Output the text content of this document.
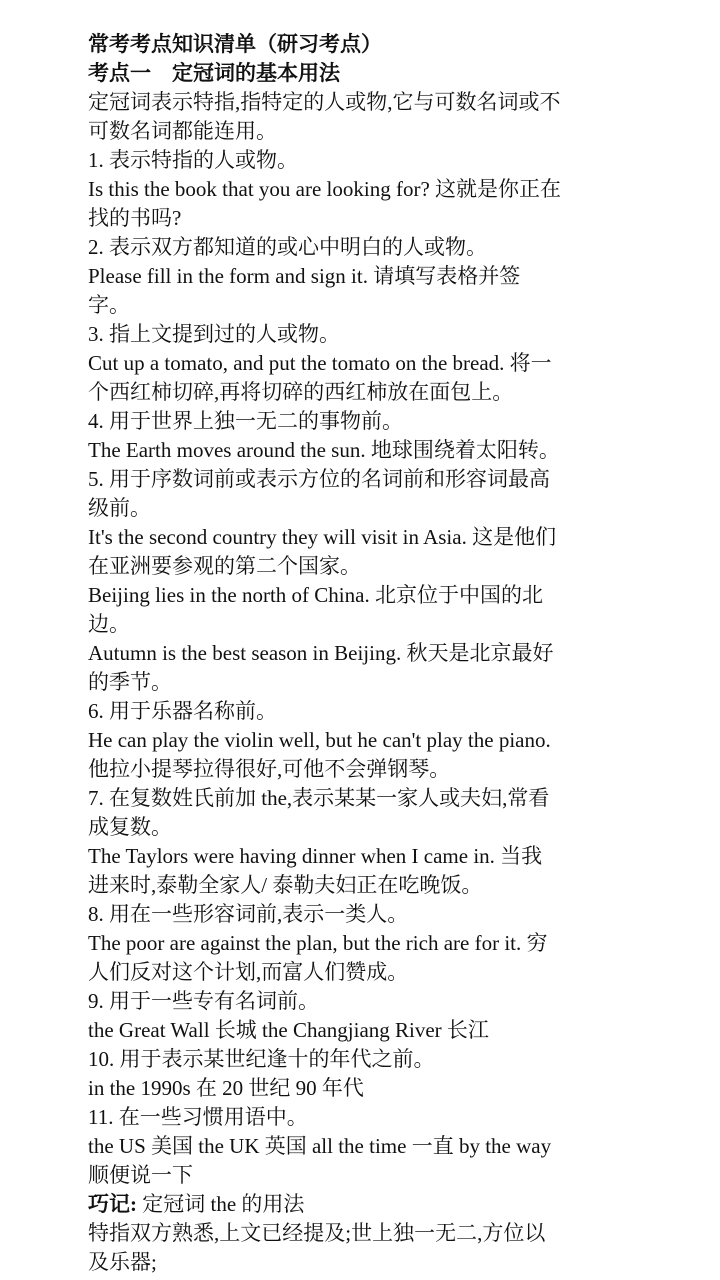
常考考点知识清单（研习考点）
考点一　定冠词的基本用法
定冠词表示特指,指特定的人或物,它与可数名词或不
可数名词都能连用。
1. 表示特指的人或物。
Is this the book that you are looking for? 这就是你正在
找的书吗?
2. 表示双方都知道的或心中明白的人或物。
Please fill in the form and sign it. 请填写表格并签
字。
3. 指上文提到过的人或物。
Cut up a tomato, and put the tomato on the bread. 将一
个西红柿切碎,再将切碎的西红柿放在面包上。
4. 用于世界上独一无二的事物前。
The Earth moves around the sun. 地球围绕着太阳转。
5. 用于序数词前或表示方位的名词前和形容词最高
级前。
It's the second country they will visit in Asia. 这是他们
在亚洲要参观的第二个国家。
Beijing lies in the north of China. 北京位于中国的北
边。
Autumn is the best season in Beijing. 秋天是北京最好
的季节。
6. 用于乐器名称前。
He can play the violin well, but he can't play the piano.
他拉小提琴拉得很好,可他不会弹钢琴。
7. 在复数姓氏前加 the,表示某某一家人或夫妇,常看
成复数。
The Taylors were having dinner when I came in. 当我
进来时,泰勒全家人/ 泰勒夫妇正在吃晚饭。
8. 用在一些形容词前,表示一类人。
The poor are against the plan, but the rich are for it. 穷
人们反对这个计划,而富人们赞成。
9. 用于一些专有名词前。
the Great Wall 长城 the Changjiang River 长江
10. 用于表示某世纪逢十的年代之前。
in the 1990s 在 20 世纪 90 年代
11. 在一些习惯用语中。
the US 美国 the UK 英国 all the time 一直 by the way
顺便说一下
巧记: 定冠词 the 的用法
特指双方熟悉,上文已经提及;世上独一无二,方位以
及乐器;
